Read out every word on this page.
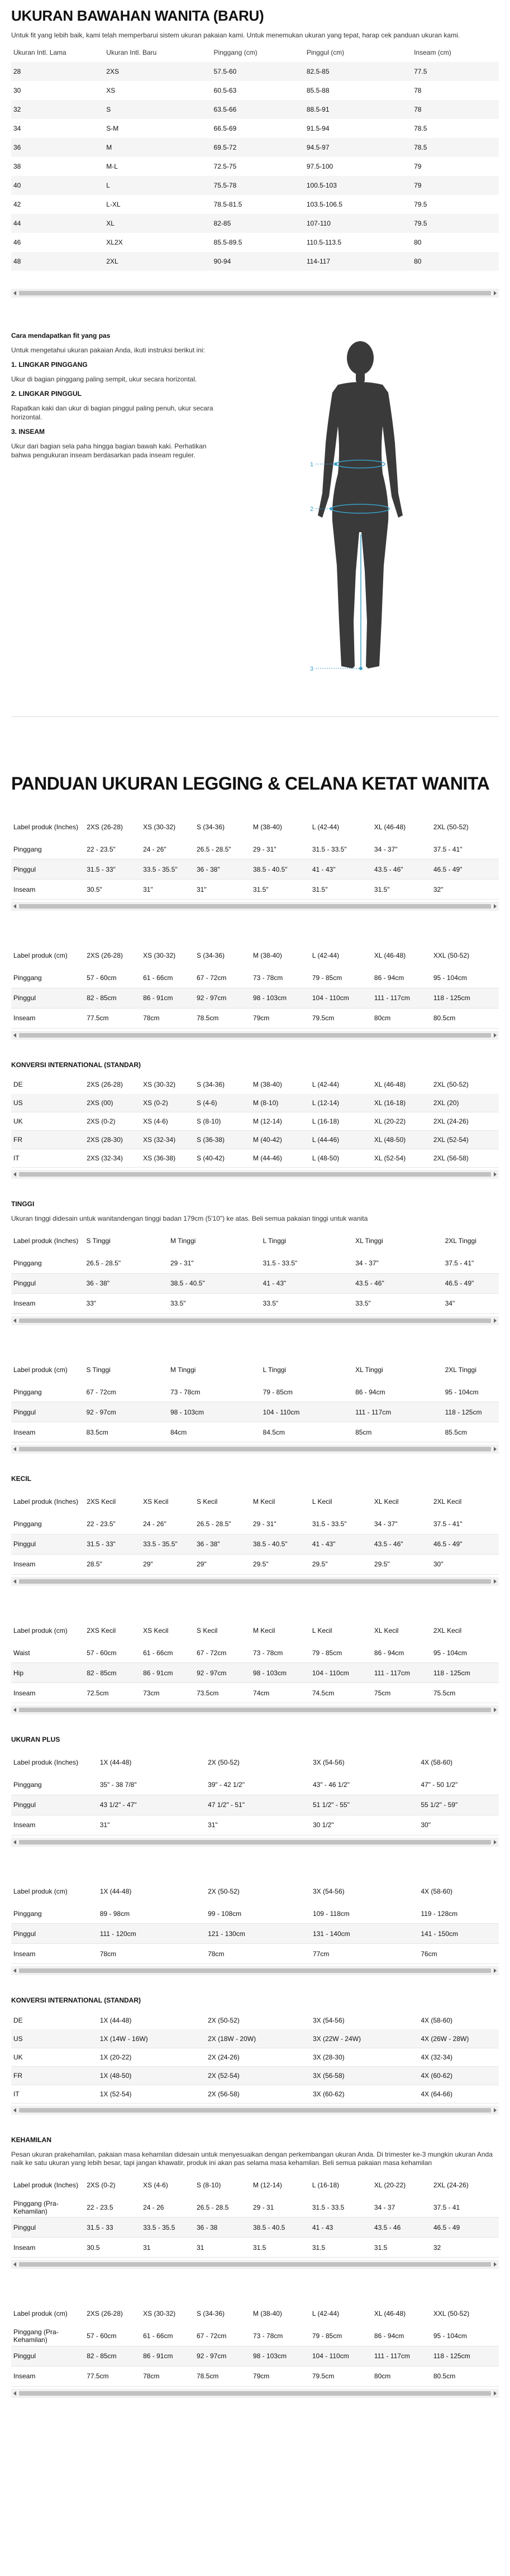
UKURAN BAWAHAN WANITA (BARU)

Untuk fit yang lebih baik, kami telah memperbarui sistem ukuran pakaian kami. Untuk menemukan ukuran yang tepat, harap cek panduan ukuran kami.

Ukuran Intl. Lama	Ukuran Intl. Baru	Pinggang (cm)	Pinggul (cm)	Inseam (cm)
28	2XS	57.5-60	82.5-85	77.5
30	XS	60.5-63	85.5-88	78
32	S	63.5-66	88.5-91	78
34	S-M	66.5-69	91.5-94	78.5
36	M	69.5-72	94.5-97	78.5
38	M-L	72.5-75	97.5-100	79
40	L	75.5-78	100.5-103	79
42	L-XL	78.5-81.5	103.5-106.5	79.5
44	XL	82-85	107-110	79.5
46	XL2X	85.5-89.5	110.5-113.5	80
48	2XL	90-94	114-117	80
Cara mendapatkan fit yang pas

Untuk mengetahui ukuran pakaian Anda, ikuti instruksi berikut ini:

1. LINGKAR PINGGANG

Ukur di bagian pinggang paling sempit, ukur secara horizontal.

2. LINGKAR PINGGUL

Rapatkan kaki dan ukur di bagian pinggul paling penuh, ukur secara horizontal.

3. INSEAM

Ukur dari bagian sela paha hingga bagian bawah kaki. Perhatikan bahwa pengukuran inseam berdasarkan pada inseam reguler.

1
2
3
PANDUAN UKURAN LEGGING & CELANA KETAT WANITA
Label produk (Inches)	2XS (26-28)	XS (30-32)	S (34-36)	M (38-40)	L (42-44)	XL (46-48)	2XL (50-52)
Pinggang	22 - 23.5"	24 - 26"	26.5 - 28.5"	29 - 31"	31.5 - 33.5"	34 - 37"	37.5 - 41"
Pinggul	31.5 - 33"	33.5 - 35.5"	36 - 38"	38.5 - 40.5"	41 - 43"	43.5 - 46"	46.5 - 49"
Inseam	30.5"	31"	31"	31.5"	31.5"	31.5"	32"
Label produk (cm)	2XS (26-28)	XS (30-32)	S (34-36)	M (38-40)	L (42-44)	XL (46-48)	XXL (50-52)
Pinggang	57 - 60cm	61 - 66cm	67 - 72cm	73 - 78cm	79 - 85cm	86 - 94cm	95 - 104cm
Pinggul	82 - 85cm	86 - 91cm	92 - 97cm	98 - 103cm	104 - 110cm	111 - 117cm	118 - 125cm
Inseam	77.5cm	78cm	78.5cm	79cm	79.5cm	80cm	80.5cm
KONVERSI INTERNATIONAL (STANDAR)
DE	2XS (26-28)	XS (30-32)	S (34-36)	M (38-40)	L (42-44)	XL (46-48)	2XL (50-52)
US	2XS (00)	XS (0-2)	S (4-6)	M (8-10)	L (12-14)	XL (16-18)	2XL (20)
UK	2XS (0-2)	XS (4-6)	S (8-10)	M (12-14)	L (16-18)	XL (20-22)	2XL (24-26)
FR	2XS (28-30)	XS (32-34)	S (36-38)	M (40-42)	L (44-46)	XL (48-50)	2XL (52-54)
IT	2XS (32-34)	XS (36-38)	S (40-42)	M (44-46)	L (48-50)	XL (52-54)	2XL (56-58)
TINGGI

Ukuran tinggi didesain untuk wanitandengan tinggi badan 179cm (5'10") ke atas. Beli semua pakaian tinggi untuk wanita

Label produk (Inches)	S Tinggi	M Tinggi	L Tinggi	XL Tinggi	2XL Tinggi
Pinggang	26.5 - 28.5"	29 - 31"	31.5 - 33.5"	34 - 37"	37.5 - 41"
Pinggul	36 - 38"	38.5 - 40.5"	41 - 43"	43.5 - 46"	46.5 - 49"
Inseam	33"	33.5"	33.5"	33.5"	34"
Label produk (cm)	S Tinggi	M Tinggi	L Tinggi	XL Tinggi	2XL Tinggi
Pinggang	67 - 72cm	73 - 78cm	79 - 85cm	86 - 94cm	95 - 104cm
Pinggul	92 - 97cm	98 - 103cm	104 - 110cm	111 - 117cm	118 - 125cm
Inseam	83.5cm	84cm	84.5cm	85cm	85.5cm
KECIL
Label produk (Inches)	2XS Kecil	XS Kecil	S Kecil	M Kecil	L Kecil	XL Kecil	2XL Kecil
Pinggang	22 - 23.5"	24 - 26"	26.5 - 28.5"	29 - 31"	31.5 - 33.5"	34 - 37"	37.5 - 41"
Pinggul	31.5 - 33"	33.5 - 35.5"	36 - 38"	38.5 - 40.5"	41 - 43"	43.5 - 46"	46.5 - 49"
Inseam	28.5"	29"	29"	29.5"	29.5"	29.5"	30"
Label produk (cm)	2XS Kecil	XS Kecil	S Kecil	M Kecil	L Kecil	XL Kecil	2XL Kecil
Waist	57 - 60cm	61 - 66cm	67 - 72cm	73 - 78cm	79 - 85cm	86 - 94cm	95 - 104cm
Hip	82 - 85cm	86 - 91cm	92 - 97cm	98 - 103cm	104 - 110cm	111 - 117cm	118 - 125cm
Inseam	72.5cm	73cm	73.5cm	74cm	74.5cm	75cm	75.5cm
UKURAN PLUS
Label produk (Inches)	1X (44-48)	2X (50-52)	3X (54-56)	4X (58-60)
Pinggang	35" - 38 7/8"	39" - 42 1/2"	43" - 46 1/2"	47" - 50 1/2"
Pinggul	43 1/2" - 47"	47 1/2" - 51"	51 1/2" - 55"	55 1/2" - 59"
Inseam	31"	31"	30 1/2"	30"
Label produk (cm)	1X (44-48)	2X (50-52)	3X (54-56)	4X (58-60)
Pinggang	89 - 98cm	99 - 108cm	109 - 118cm	119 - 128cm
Pinggul	111 - 120cm	121 - 130cm	131 - 140cm	141 - 150cm
Inseam	78cm	78cm	77cm	76cm
KONVERSI INTERNATIONAL (STANDAR)
DE	1X (44-48)	2X (50-52)	3X (54-56)	4X (58-60)
US	1X (14W - 16W)	2X (18W - 20W)	3X (22W - 24W)	4X (26W - 28W)
UK	1X (20-22)	2X (24-26)	3X (28-30)	4X (32-34)
FR	1X (48-50)	2X (52-54)	3X (56-58)	4X (60-62)
IT	1X (52-54)	2X (56-58)	3X (60-62)	4X (64-66)
KEHAMILAN

Pesan ukuran prakehamilan, pakaian masa kehamilan didesain untuk menyesuaikan dengan perkembangan ukuran Anda. Di trimester ke-3 mungkin ukuran Anda naik ke satu ukuran yang lebih besar, tapi jangan khawatir, produk ini akan pas selama masa kehamilan. Beli semua pakaian masa kehamilan

Label produk (Inches)	2XS (0-2)	XS (4-6)	S (8-10)	M (12-14)	L (16-18)	XL (20-22)	2XL (24-26)
Pinggang (Pra-Kehamilan)	22 - 23.5	24 - 26	26.5 - 28.5	29 - 31	31.5 - 33.5	34 - 37	37.5 - 41
Pinggul	31.5 - 33	33.5 - 35.5	36 - 38	38.5 - 40.5	41 - 43	43.5 - 46	46.5 - 49
Inseam	30.5	31	31	31.5	31.5	31.5	32
Label produk (cm)	2XS (26-28)	XS (30-32)	S (34-36)	M (38-40)	L (42-44)	XL (46-48)	XXL (50-52)
Pinggang (Pra-Kehamilan)	57 - 60cm	61 - 66cm	67 - 72cm	73 - 78cm	79 - 85cm	86 - 94cm	95 - 104cm
Pinggul	82 - 85cm	86 - 91cm	92 - 97cm	98 - 103cm	104 - 110cm	111 - 117cm	118 - 125cm
Inseam	77.5cm	78cm	78.5cm	79cm	79.5cm	80cm	80.5cm
